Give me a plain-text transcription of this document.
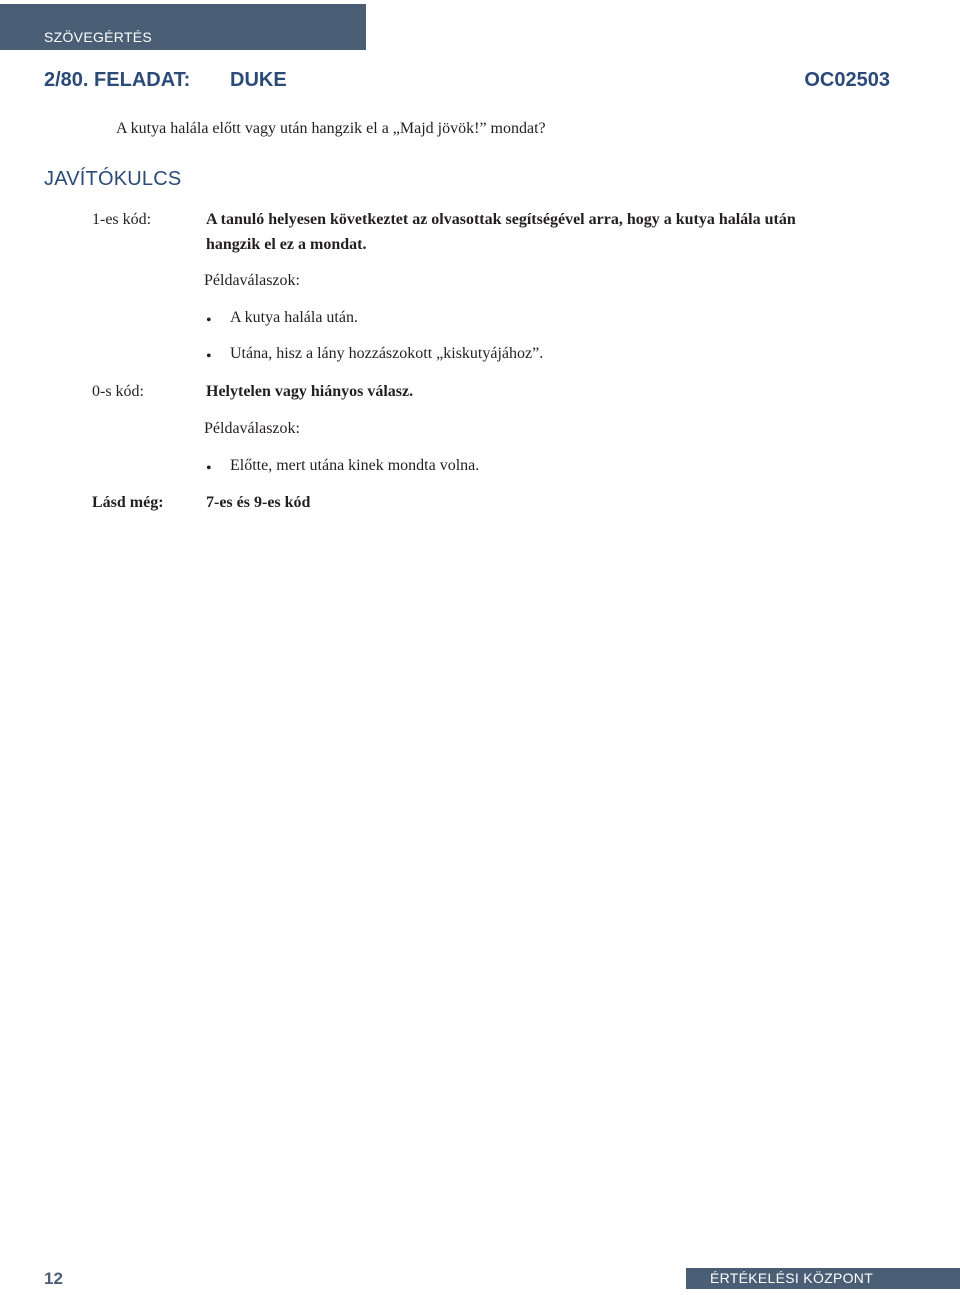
SZÖVEGÉRTÉS
2/80. FELADAT: DUKE	OC02503
A kutya halála előtt vagy után hangzik el a „Majd jövök!” mondat?
JAVÍTÓKULCS
1-es kód:	A tanuló helyesen következtet az olvasottak segítségével arra, hogy a kutya halála után
hangzik el ez a mondat.
Példaválaszok:
• A kutya halála után.
• Utána, hisz a lány hozzászokott „kiskutyájához”.
0-s kód:	Helytelen vagy hiányos válasz.
Példaválaszok:
• Előtte, mert utána kinek mondta volna.
Lásd még:	7-es és 9-es kód
12	ÉRTÉKELÉSI KÖZPONT
